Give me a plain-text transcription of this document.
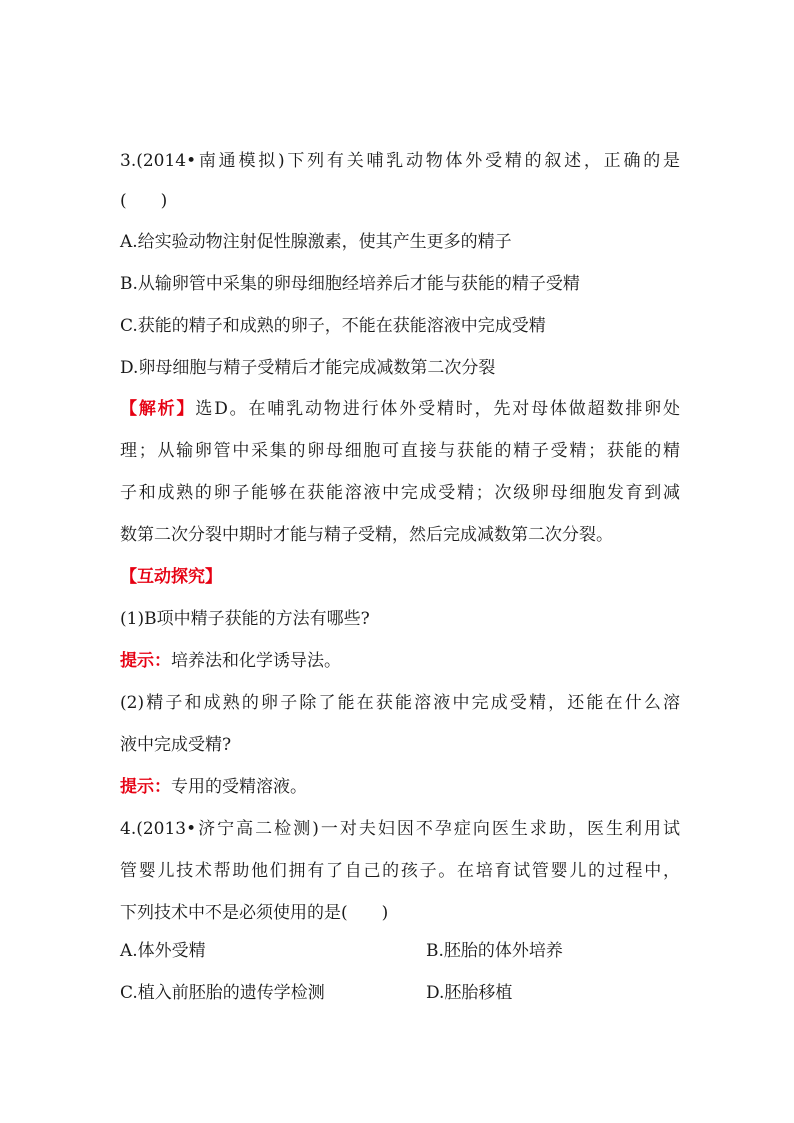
3.(2014•南通模拟)下列有关哺乳动物体外受精的叙述，正确的是
(　　)
A.给实验动物注射促性腺激素，使其产生更多的精子
B.从输卵管中采集的卵母细胞经培养后才能与获能的精子受精
C.获能的精子和成熟的卵子，不能在获能溶液中完成受精
D.卵母细胞与精子受精后才能完成减数第二次分裂
【解析】选D。在哺乳动物进行体外受精时，先对母体做超数排卵处
理；从输卵管中采集的卵母细胞可直接与获能的精子受精；获能的精
子和成熟的卵子能够在获能溶液中完成受精；次级卵母细胞发育到减
数第二次分裂中期时才能与精子受精，然后完成减数第二次分裂。
【互动探究】
(1)B项中精子获能的方法有哪些?
提示：培养法和化学诱导法。
(2)精子和成熟的卵子除了能在获能溶液中完成受精，还能在什么溶
液中完成受精?
提示：专用的受精溶液。
4.(2013•济宁高二检测)一对夫妇因不孕症向医生求助，医生利用试
管婴儿技术帮助他们拥有了自己的孩子。在培育试管婴儿的过程中，
下列技术中不是必须使用的是(　　)
A.体外受精	B.胚胎的体外培养
C.植入前胚胎的遗传学检测	D.胚胎移植
